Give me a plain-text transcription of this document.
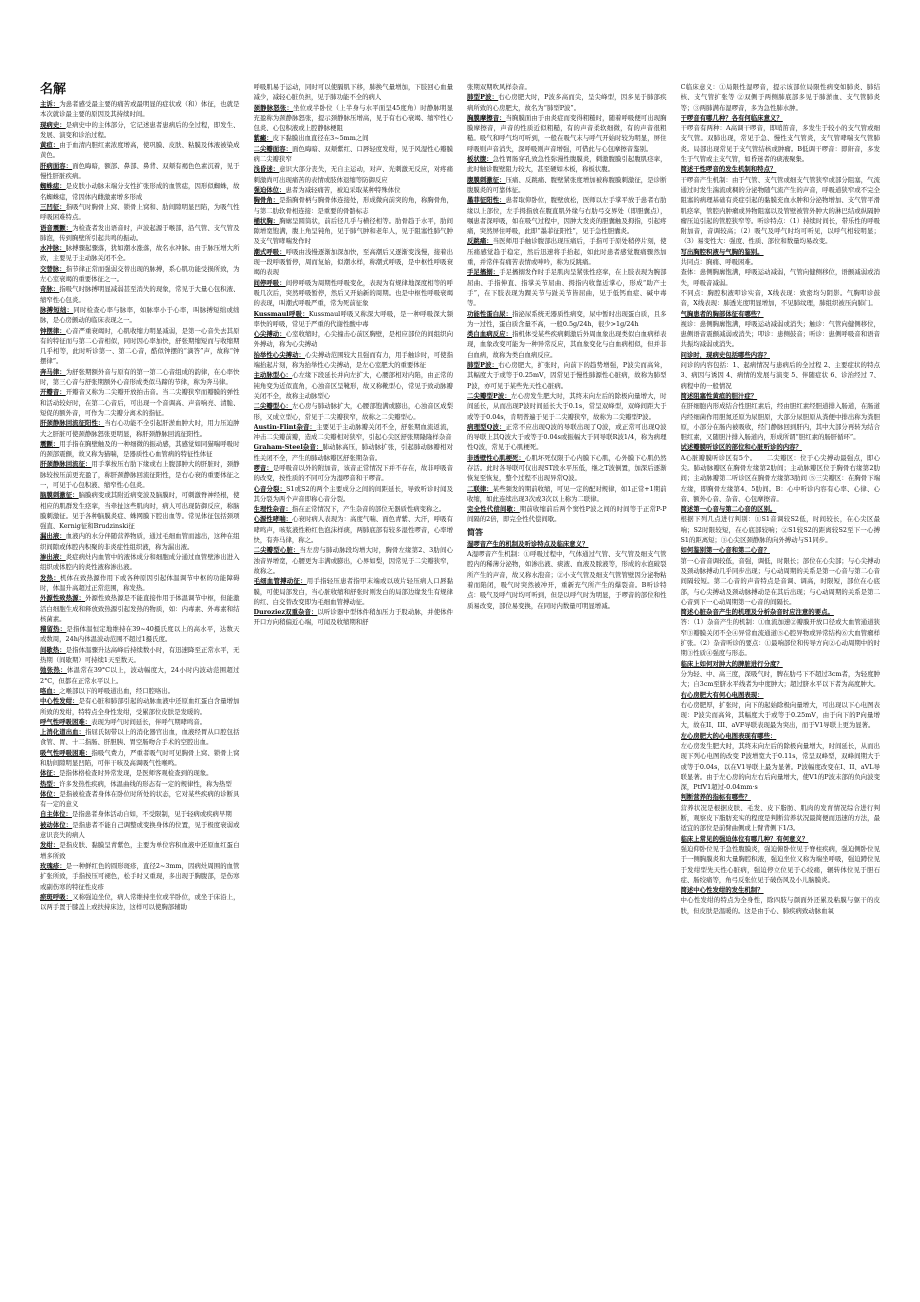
名解

主诉：为患者感受最主要的痛苦或最明显的症状或（和）体征，也就是本次就诊最主要的原因及其持续时间。

现病史：是病史中的主体部分，它记述患者患病后的全过程，即发生、发展、演变和诊治过程。

黄疸：由于血清内胆红素浓度增高，使巩膜、皮肤、粘膜及体液被染成黄色。

肝病面容：面色晦暗，额部、鼻部、鼻背、双颊有褐色色素沉着，见于慢性肝脏疾病。

蜘蛛痣：是皮肤小动脉末端分支性扩张形成的血管痣，因形似蜘蛛，故名蜘蛛痣，常因体内雌激素增多形成

三凹征：指吸气时胸骨上窝、锁骨上窝和、肋间隙明显凹陷，为吸气性呼吸困难特点。

语音震颤：为检查者发出语音时，声波起源于喉部，沿气管、支气管及肺泡，传到胸壁所引起共鸣的振动。

水冲脉：脉搏骤起骤落，犹如潮水涨落，故名水冲脉。由于脉压增大所致，主要见于主动脉关闭不全。

交替脉：指节律正常而强弱交替出现的脉搏，系心肌功能受损所致，为左心室衰竭的重要体征之一。

奇脉：指吸气时脉搏明显减弱甚至消失的现象，常见于大量心包积液、缩窄性心包炎。

脉搏短绌：同时检查心率与脉率，如脉率小于心率，叫脉搏短绌或绌脉，是心房颤动的临床表现之一。

钟摆律：心音严重衰竭时，心肌收缩力明显减弱，是第一心音失去其原有的特征而与第二心音相似，同时因心率加快，舒张期缩短而与收缩期几乎相等，此时听诊第一、第二心音，酷似钟摆的“滴答”声，故称“钟摆律”。

奔马律：为舒张期额外音与原有的第一第二心音组成的韵律，在心率快时，第三心音与舒张期额外心音形成类似马蹄的节律，称为奔马律。

开瓣音：开瓣音又称为二尖瓣开放拍击音。当二尖瓣狭窄而瓣膜的弹性和活动较好时，在第二心音后，可出现一个音调高、声音响亮、清脆、短促的额外音，可作为二尖瓣分离术的指征。

肝颈静脉回流征阳性：当右心功能不全引起肝淤血肿大时，用力压迫肿大之肝脏可使颈静脉怒张更明显，称肝颈静脉回流征阳性。

震颤：用手指在胸壁触及的一种细微的振动感，其感觉如同猫喘呼吸时的颈部震颤，故又称为猫喘，是器质性心血管病的特征性体征

肝颈静脉回流征：用手掌按压右肋下缘或右上腹部肿大的肝脏时，颈静脉较按压前更充盈了，称肝颈静脉回流征阳性，是右心衰的重要体征之一，可见于心包积液、缩窄性心包炎。

脑膜刺激征：脑膜病变或其附近病变波及脑膜时，可刺激脊神经根，使相应的肌群发生痉挛，当牵扯这些肌肉时，病人可出现防御反应，称脑膜刺激征。见于各种脑膜炎症、蛛网膜下腔出血等。常见体征包括颈项强直、Kernig征和Brudzinski征

漏出液：血液内的水分伴随营养物质，通过毛细血管而滤出，这种在组织间隙或体腔内积聚的非炎症性组织液，称为漏出液。

渗出液：炎症病灶内血管中的液体成分和细胞成分通过血管壁渗出进入组织或体腔内的炎性液称渗出液。

发热：机体在致热源作用下或各种原因引起体温调节中枢的功能障碍时，体温升高超过正常范围，称发热。

外源性致热源：外源性致热源是不能直接作用于体温调节中枢，但能激活白细胞生成和释放致热源引起发热的物质，如：内毒素、外毒素和结核菌素。

稽留热：是指体温恒定地维持在39~40摄氏度以上的高水平，达数天或数周，24h内体温波动范围不超过1摄氏度。

间歇热：是指体温骤升达高峰后持续数小时，有迅速降至正常水平，无热期（间歇期）可持续1天至数天。

弛张热：体温常在39°C以上，波动幅度大，24小时内波动范围超过2°C，但都在正常水平以上。

咯血：之喉部以下的呼吸道出血，经口腔咯出。

中心性发绀：是有心脏和肺部引起的动脉血液中还原血红蛋白含量增加所致的发绀，特特点全身性发绀，受累部位皮肤是发暖的。

呼气性呼吸困难：表现为呼气时间延长，伴呼气期哮鸣音。

上消化道出血：指屈氏韧带以上的消化器官出血，血液经胃从口腔包括食管、胃、十二指肠、肝胆胰、胃空肠吻合手术的空腔出血。

吸气性呼吸困难：指吸气费力，严重者吸气时可见胸骨上窝、锁骨上窝和肋间隙明显凹陷，可伴干咳及高调吸气性喉鸣。

体征：是指体格检查时异常发现，是医师客观检查到的现象。

热型：许多发热性疾病，体温曲线的形态有一定的规律性，称为热型

体位：是指被检查者身体在卧位时所处的状态，它对某些疾病的诊断具有一定的意义

自主体位：是指患者身体活动自如，不受限制，见于轻病或疾病早期

被动体位：是指患者不能自己调整或变换身体的位置，见于极度衰弱或意识丧失的病人

发绀：是指皮肤、黏膜呈青紫色，主要为单位容积血液中还原血红蛋白增多所致

玫瑰疹：是一种鲜红色的圆形斑疹，直径2~3mm，因病灶周围的血管扩张所致，手指按压可褪色，松手时又重现，多出现于胸腹部，是伤寒或副伤寒的特征性皮疹

瘀斑呼吸：又称强迫坐位，病人常维持坐位或半卧位，或坐于床沿上，以两手置于膝盖上或扶持床边，这样可以使胸部辅助

呼吸肌易于运动，同时可以使膈肌下移，肺换气量增加，下肢回心血量减少，减轻心脏负担，见于肺功能不全的病人

颈静脉怒张：坐位或半卧位（上半身与水平面呈45度角）时静脉明显充盈称为颈静脉怒张，提示颈静脉压增高，见于有右心衰竭、缩窄性心包炎、心包积液或上腔静脉梗阻

紫癜：皮下黏膜出血直径在3~5mm之间

二尖瓣面容：面色晦暗、双颊紫红、口唇轻度发绀，见于风湿性心瓣膜病二尖瓣狭窄

浅昏迷：意识大部分丧失，无自主运动，对声、光刺激无反应，对疼痛刺激尚可出现痛苦的表情或肢体退缩等防御反应

强迫体位：患者为减轻痛苦，被迫采取某种特殊体位

胸骨角：是指胸骨柄与胸骨体连接处，形成微向前突的角，称胸骨角，与第二肋软骨相连接：是重要的骨骼标志

桶状胸：胸廓呈圆筒状，前后径几乎与横径相等。肋骨趋于水平，肋间隙增宽饱满，腹上角呈钝角，见于肺气肿和老年人，见于阻塞性肺气肿及支气管哮喘发作时

潮式呼吸：呼吸由浅慢逐渐加深加快，至高潮后又逐渐变浅慢，接着出现一段呼吸暂停，周而复始，似潮水样，称潮式呼吸，是中枢性呼吸衰竭的表现

间停呼吸：间停呼吸为周期性呼吸变化，表现为有规律地深度相等的呼吸几次后，突然呼吸暂停，然后又开始新的周期。也是中枢性呼吸衰竭的表现，叫潮式呼吸严重，常为死前征象

Kussmaul呼吸：Kussmaul呼吸又称深大呼吸，是一种呼吸深大频率快的呼吸，常见于严重的代谢性酸中毒

心尖搏动：心室收缩时，心尖撞击心前区胸壁，是相应部位的间组织向外搏动，称为心尖搏动

抬举性心尖搏动：心尖搏动范围较大且强而有力，用手触诊时，可使指端抬起片刻，称为抬举性心尖搏动，是左心室肥大的重要体征

主动脉型心：心左缘下段延长并向左扩大，心腰部相对内陷，由正常的钝角变为近似直角，心浊音区呈靴形，故又称靴型心，常见于致动脉瓣关闭不全，故称主动脉型心

二尖瓣型心：左心房与肺动脉扩大，心腰部饱满或膨出，心浊音区成梨形，又成立型心，常见于二尖瓣狭窄，故称之二尖瓣型心。

Austin-Flint杂音：主要见于主动脉瓣关闭不全，舒张期血流返流，冲击二尖瓣前瓣，造成二尖瓣相对狭窄，引起心尖区舒张期隆隆样杂音

Graham-Steel杂音：肺动脉高压，肺动脉扩张，引起肺动脉瓣相对性关闭不全，产生的肺动脉瓣区舒张期杂音。

啰音：是呼吸音以外的附加音，该音正常情况下并不存在，故非呼吸音的改变，按性质的不同可分为湿啰音和干啰音。

心音分裂：S1或S2的两个主要成分之间的间距延长，导致听诊时闻及其分裂为两个声音即称心音分裂。

生理性杂音：指在正常情况下，产生杂音的部位无器质性病变称之。

心源性哮喘：心衰时病人表现为：高度气喘、面色青紫、大汗，呼吸有哮鸣声，咳浆液性粉红色泡沫样痰，两肺底部有较多湿性啰音，心率增快，有奔马律，称之。

二尖瓣型心脏：当左房与肺动脉段均增大时，胸骨左缘第2、3肋间心浊音界增宽，心腰更为丰满或膨出，心界如梨，因常见于二尖瓣狭窄，故称之。

毛细血管搏动征：用手指轻压患者指甲末端或以玻片轻压病人口唇黏膜，可使局部发白，当心脏收缩和舒张时则发白的局部边缘发生有规律的红、白交替改变即为毛细血管搏动征。

Duroziez双重杂音：以听诊器中型体件稍加压力于股动脉，并使体件开口方向稍偏近心端，可闻及收缩期和舒

张期双期吹风样杂音。

肺型P波：右心房肥大时，P波多高而尖，呈尖峰型，因多见于肺部疾病所致的心房肥大，故名为“肺型P波”。

胸膜摩擦音：当胸膜面由于由炎症而变得粗糙时，随着呼吸便可出现胸膜摩擦音，声音的性质近似粗糙，有的声音柔软细微，有的声音很粗糙。吸气和呼气均可听到，一般在吸气末与呼气开始时较为明显，屏住呼吸则声音消失，深呼吸则声音增强，可借此与心包摩擦音鉴别。

板状腹：急性胃肠穿孔致急性弥漫性腹膜炎，刺激腹膜引起腹肌痉挛，此时触诊腹壁阻力较大，甚至硬如木板，称板状腹。

腹膜刺激征：压痛、反跳痛、腹壁紧张度增加被称腹膜刺激征，是诊断腹膜炎的可靠体征。

墨菲征阳性：患者取仰卧位，腹壁放松，医师以左手掌平放于患者右肋缘以上部位，左手拇指放在腹直肌外缘与右肋弓交界处（即胆囊点），嘱患者深呼吸，如在吸气过程中，因肿大发炎的胆囊触及拇指，引起疼痛，突然屏住呼吸，此即“墨菲征阳性”，见于急性胆囊炎。

反跳痛：当医师用手触诊腹部出现压痛后，手指可于原处稍停片刻，使压痛感觉趋于稳定，然后迅速将手抬起，如此时患者感觉腹痛骤然加重，并常伴有痛苦表情或呻吟，称为反跳痛。

手足搐搦：手足搐搦发作时手足肌肉呈紧张性痉挛，在上肢表现为腕部屈曲、手指伸直、指掌关节屈曲、拇指内收靠近掌心，形成“助产士手”，在下肢表现为踝关节与趾关节皆屈曲，见于低钙血症、碱中毒等。

功能性蛋白尿：指泌尿系统无器质性病变，尿中暂时出现蛋白质，且多为一过性，蛋白质含量不高，一般0.5g/24h，很少>1g/24h

类白血病反应：指机体受某些疾病刺激后外周血象出现类似白血病样表现，血象改变可能为一种异常反应，其血象变化与白血病相似，但并非白血病，故称为类白血病反应。

肺型P波：右心房肥大，扩张时，向前下的趋势增强，P波尖而高耸，其幅度大于或等于0.25mV，因常见于慢性肺源性心脏病，故称为肺型P波，亦可见于某些先天性心脏病。

二尖瓣型P波：左心房发生肥大时，其终末向左后的除极向量增大，时间延长，从而出现P波时间延长大于0.1s，常呈双峰型，双峰间距大于或等于0.04s，肯明普遍于见于二尖瓣狭窄，故称为二尖瓣型P波。

病理型Q波：正常不应出现Q波的导联出现了Q波，或正常可出现Q波的导联上其Q波大于或等于0.04s或振幅大于同导联R波1/4，称为病理性Q波，常见于心肌梗死。

非透壁性心肌梗死：心肌坏死仅限于心内膜下心肌，心外膜下心肌仍然存活。此时各导联可仅出现ST段水平压低，继之T波倒置，加深后逐渐恢复至恢复，整个过程不出现异常Q波。

二联律：某些频发的期前收缩，可见一定的配对规律，如1正常+1期前收缩，如此连续出现3次或3次以上称为二联律。

完全性代偿间歇：期前收缩前后两个窦性P波之间的时间等于正常P-P间隔的2倍，即完全性代偿间歇。

简答

湿啰音产生的机制及听诊特点及临床意义？

A湿啰音产生机制：①呼吸过程中，气体通过气管、支气管及细支气管腔内的稀薄分泌物，如渗出液、痰液、血液及脓液等，形成的水泡破裂所产生的声音，故又称水泡音；②小支气管及细支气管管壁因分泌物粘着而陷闭，吸气时突然被冲开，重新充气所产生的爆裂音。B听诊特点：吸气及呼气时均可听到，但是以呼气时为明显，于啰音的部位和性质易改变，部位易变换，在同时内数量可明显增减。

C临床意义：①局限性湿啰音，提示该部位局限性病变如肺炎、肺结核、支气管扩张等 ②双侧于两侧肺底部多见于肺淤血、支气管肺炎等；③两肺满布湿啰音，多为急性肺水肿。

干啰音有哪几种？各有何临床意义？

干啰音有两种：A高调干啰音，即哨笛音，多发生于较小的支气管或细支气管。双肺出现，常见于急、慢性支气管炎，支气管哮喘支气管肺炎。局部出现常见于支气管结核或肿瘤。B低调干啰音：即鼾音，多发生于气管或主支气管，如昏迷者的痰液聚集。

简述干性啰音的发生机制和特点？

干啰音产生机制：由于气管、支气管或细支气管狭窄或部分阻塞，气流通过时发生湍流或稠的分泌物随气流产生的声音，呼吸道狭窄或不完全阻塞的病理基础有炎症引起的黏膜充血水肿和分泌物增加、支气管平滑肌痉挛，管腔内肿瘤或异物阻塞以及管壁被管外肿大的淋巴结或纵隔肿瘤压迫引起的管腔狭窄等。听诊特点：（1）持续时间长，带乐性的呼吸附加音，音调较高；（2）吸气及呼气时均可听见，以呼气相较明显；（3）易变性大：强度、性质、部位和数量均易改变。

写出胸腔积液与气胸的鉴别。

共同点：胸痛、呼吸困难。

查体：患侧胸廓饱满，呼吸运动减弱，气管向健侧移位，语颤减弱或消失，呼吸音减弱。

不同点：胸腔积液叩诊实音，X线表现：致密均匀阴影。气胸叩诊鼓音，X线表现：肺透光度明显增加，不见肺纹理，肺组织被压向肺门。

气胸患者的胸部体征有哪些？

视诊：患侧胸廓饱满，呼吸运动减弱或消失；触诊：气管向健侧移位，患侧语音震颤减弱或消失；叩诊：患侧鼓音；听诊：患侧呼吸音和语音共振均减弱或消失。

问诊时，现病史包括哪些内容？

问诊的内容包括：1、起病情况与患病后的全过程 2、主要症状的特点 3、病因与诱因 4、病情的发展与演变 5、伴随症状 6、诊治经过 7、病程中的一般情况

简述阻塞性黄疸的胆汁症？

在肝细胞内形成结合性胆红素后，经由胆红素经胆道排入肠道，在肠道内经细菌作用胆氮还原为尿胆原，大部分尿胆原从粪便中排出称为粪胆原，小部分在肠内被吸收，经门静脉回到肝内，其中大部分再转为结合胆红素，又随胆汁排入肠道内，形成所谓“胆红素的肠肝循环”。

试述瓣膜听诊区的部位和心脏听诊的内容？

A心脏瓣膜听诊区有5个。　　二尖瓣区：位于心尖搏动最强点，即心尖。肺动脉瓣区在胸骨左缘第2肋间；主动脉瓣区位于胸骨右缘第2肋间；主动脉瓣第二听诊区在胸骨左缘第3肋间 ⑤三尖瓣区：在胸骨下端左缘，即胸骨左缘第4、5肋间。B：心中听诊内容有心率、心律、心音、额外心音、杂音、心包摩擦音。

简述第一心音与第二心音的区别。

根据下列几点进行判别：①S1音调较S2低，时间较长，在心尖区最响；S2时限较短，在心底部较响；②S1较S2的距离较S2至下一心搏S1的距离短；③心尖区颈静脉的向外搏动与S1同步。

如何鉴别第一心音和第二心音？

第一心音音调较低，音强，调低，时限长；部位在心尖部；与心尖搏动及颈动脉搏动几乎同步出现；与心动周期的关系是第一心音与第二心音间隔较短。第二心音的声音特点是音调、调高，时限短，部位在心底部，与心尖搏动及颈动脉搏动是在其后出现；与心动周期的关系是第二心音到下一心动周期第一心音的间隔长。

简述心脏杂音产生的机理及分析杂音时应注意的要点。

答：（1）杂音产生的机制：①血流加速②瓣膜开放口径或大血管通道狭窄③瓣膜关闭不全④异常血流通道⑤心腔异物或异常结构⑥大血管瘤样扩张。（2）杂音听诊的要点：①最响部位和传导方向②心动周期中的时期③性质④强度与形态。

临床上如何对肿大的脾脏进行分度？

分为轻、中、高三度，深吸气时，脾在肋弓下不超过3cm者，为轻度肿大；自3cm至脐水平线者为中度肿大；超过脐水平以下者为高度肿大。

右心房肥大有何心电图表现：

右心房肥厚，扩张时，向下的起始除极向量增大，可出现以下心电图表现：P波尖而高耸，其幅度大于或等于0.25mV，由于向下的P向量增大，故在II、III、aVF导联表现最为突出，而于V1导联上更为显著。

左心房肥大的心电图表现有哪些：

左心房发生肥大时，其终末向左后的除极向量增大，时间延长，从而出现下列心电图的改变 P波增宽大于0.11s，常呈双峰型，双峰间期大于或等于0.04s，以在V1导联上最为显著。P波幅度改变在I、II、aVL导联显著。由于左心房的向左右后向量增大，使V1的P波末部的负向波变深，PtfV1超过-0.04mm·s

判断营养的指标有哪些？

营养状况是根据皮肤、毛发、皮下脂肪、肌肉的发育情况综合进行判断，观察皮下脂肪充实的程度是判断营养状况最简便而迅速的方法，最适宜的部位是前臂曲侧或上臂背侧下1/3。

临床上常见的强迫体位有哪几种？有何意义？

强迫仰卧位见于急性腹膜炎，强迫俯卧位见于脊柱疾病，强迫侧卧位见于一侧胸膜炎和大量胸腔积液，强迫坐位又称为端坐呼吸，强迫蹲位见于发绀型先天性心脏病，强迫停立位见于心绞痛，辗转体位见于胆石症、肠绞痛等，角弓反张位见于破伤风及小儿脑膜炎。

简述中心性发绀的发生机制？

中心性发绀的特点为全身性，除四肢与颜面外还累及粘膜与躯干的皮肤，但皮肤是温暖的。这是由于心、肺疾病致动脉血氧
